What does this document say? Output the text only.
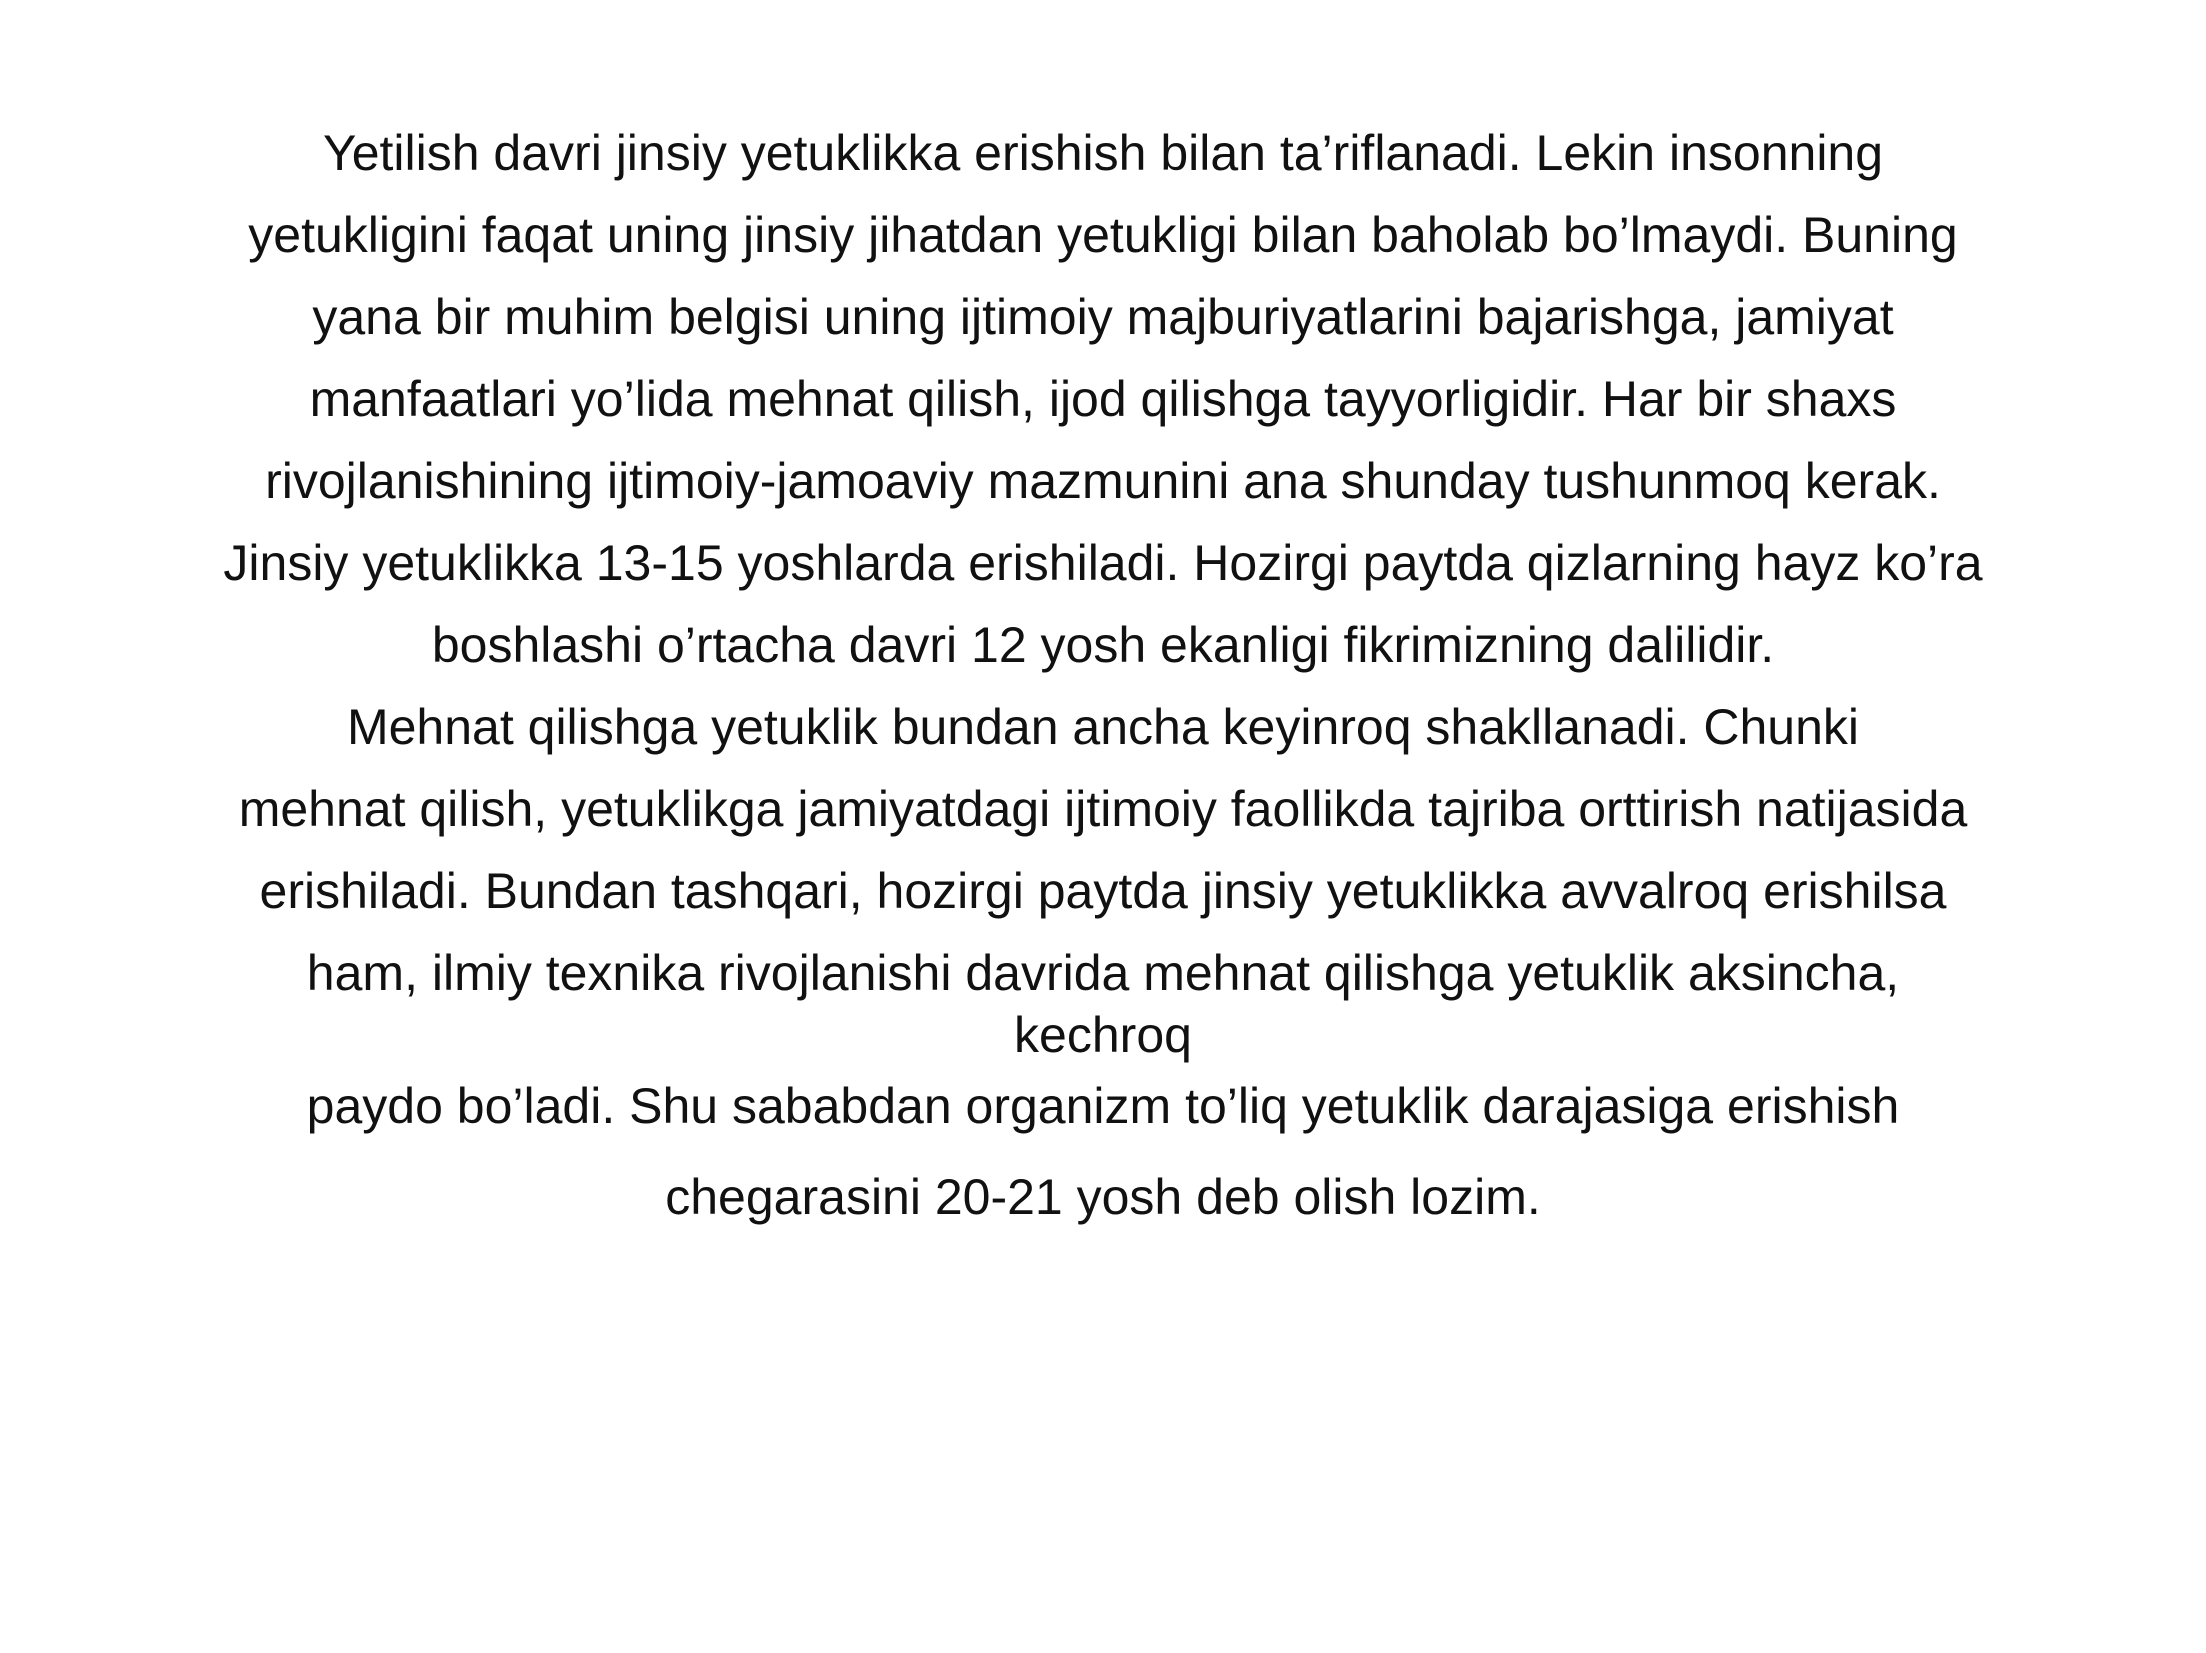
Yetilish davri jinsiy yetuklikka erishish bilan ta’riflanadi. Lekin insonning
yetukligini faqat uning jinsiy jihatdan yetukligi bilan baholab bo’lmaydi. Buning
yana bir muhim belgisi uning ijtimoiy majburiyatlarini bajarishga, jamiyat
manfaatlari yo’lida mehnat qilish, ijod qilishga tayyorligidir. Har bir shaxs
rivojlanishining ijtimoiy-jamoaviy mazmunini ana shunday tushunmoq kerak.
Jinsiy yetuklikka 13-15 yoshlarda erishiladi. Hozirgi paytda qizlarning hayz ko’ra
boshlashi o’rtacha davri 12 yosh ekanligi fikrimizning dalilidir.
Mehnat qilishga yetuklik bundan ancha keyinroq shakllanadi. Chunki
mehnat qilish, yetuklikga jamiyatdagi ijtimoiy faollikda tajriba orttirish natijasida
erishiladi. Bundan tashqari, hozirgi paytda jinsiy yetuklikka avvalroq erishilsa
ham, ilmiy texnika rivojlanishi davrida mehnat qilishga yetuklik aksincha,
kechroq
paydo bo’ladi. Shu sababdan organizm to’liq yetuklik darajasiga erishish
chegarasini 20-21 yosh deb olish lozim.
